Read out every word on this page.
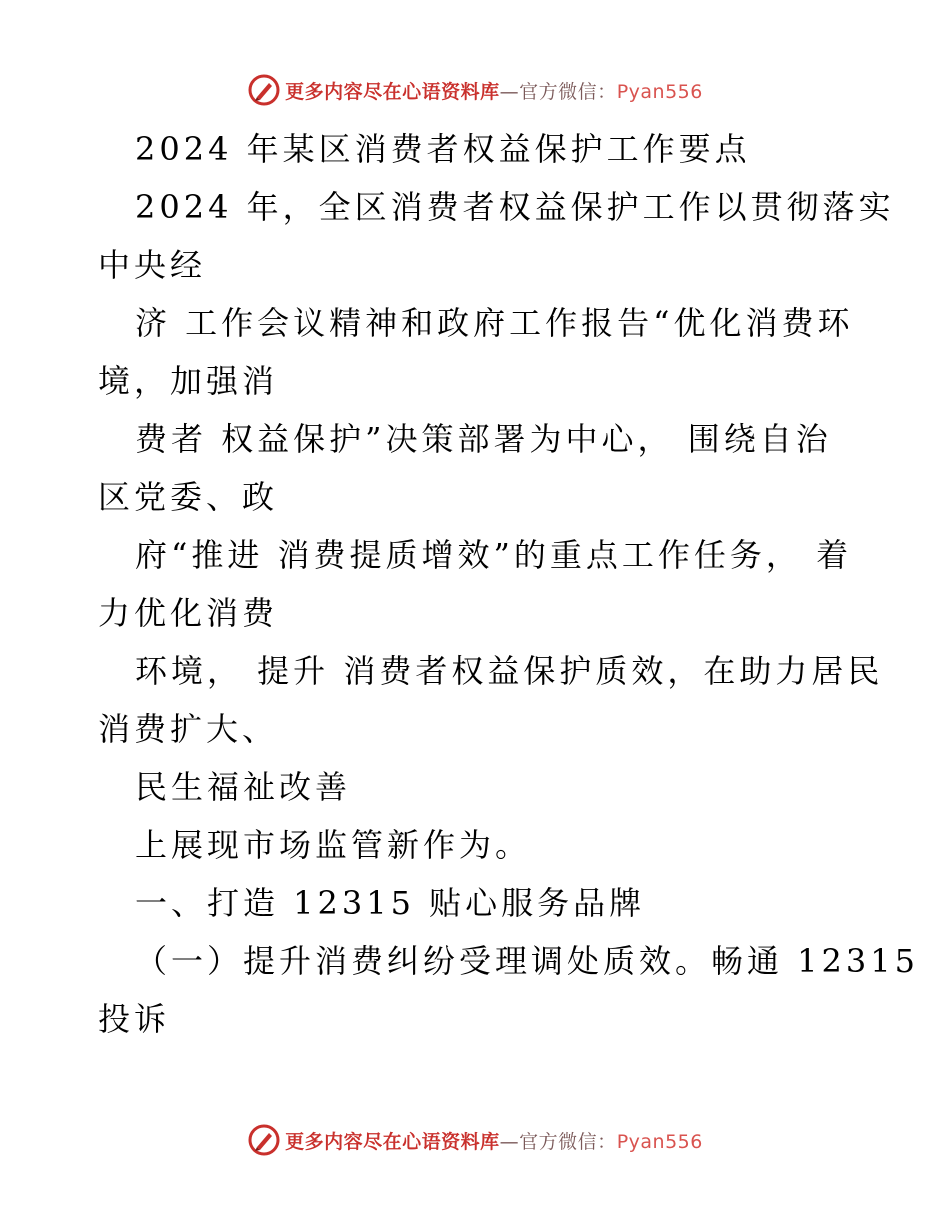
更多内容尽在心语资料库—官方微信：Pyan556
2024 年某区消费者权益保护工作要点
2024 年，全区消费者权益保护工作以贯彻落实
中央经
济 工作会议精神和政府工作报告“优化消费环
境，加强消
费者 权益保护”决策部署为中心， 围绕自治
区党委、政
府“推进 消费提质增效”的重点工作任务， 着
力优化消费
环境， 提升 消费者权益保护质效，在助力居民
消费扩大、
民生福祉改善
上展现市场监管新作为。
一、打造 12315 贴心服务品牌
（一）提升消费纠纷受理调处质效。畅通 12315
投诉
更多内容尽在心语资料库—官方微信：Pyan556
